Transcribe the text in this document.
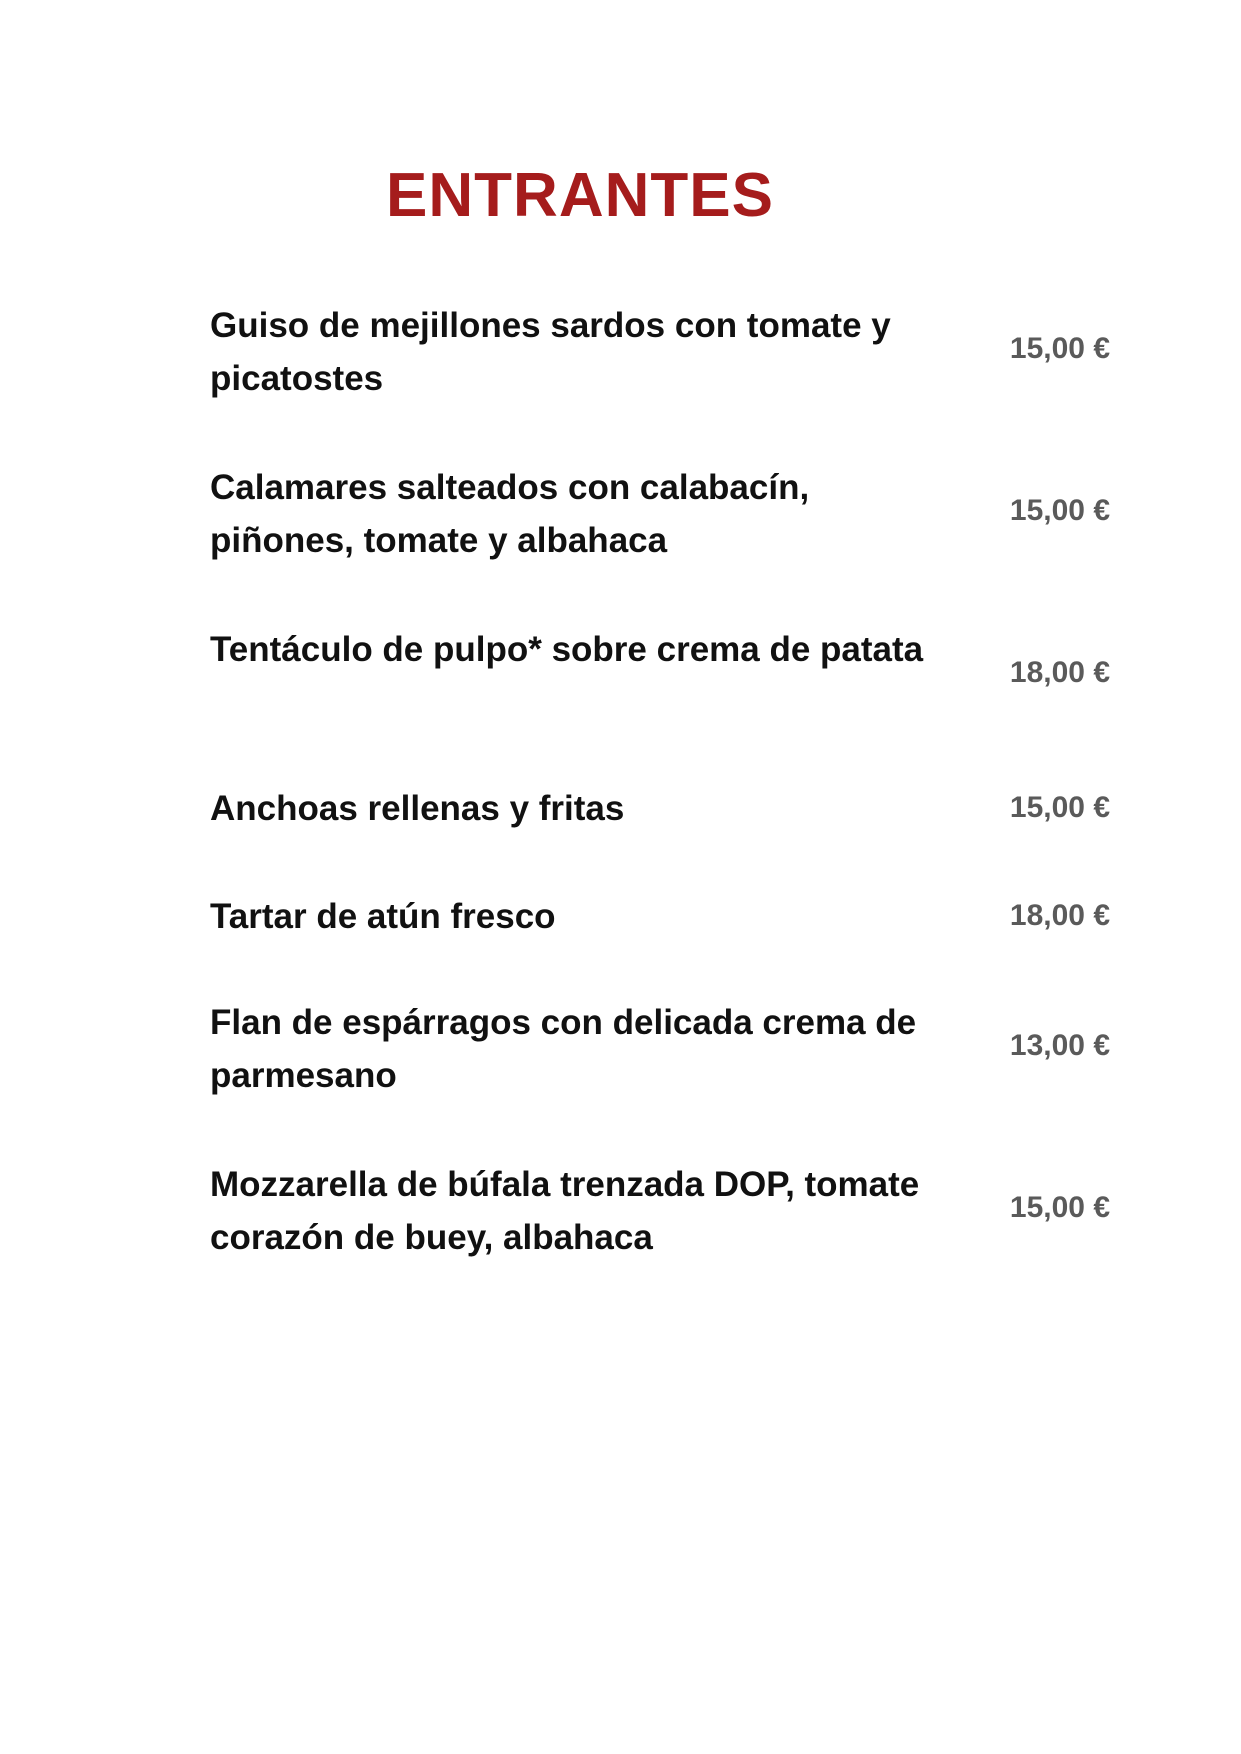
ENTRANTES
Guiso de mejillones sardos con tomate y picatostes
15,00 €
Calamares salteados con calabacín, piñones, tomate y albahaca
15,00 €
Tentáculo de pulpo* sobre crema de patata
18,00 €
Anchoas rellenas y fritas	15,00 €
Tartar de atún fresco	18,00 €
Flan de espárragos con delicada crema de parmesano
13,00 €
Mozzarella de búfala trenzada DOP, tomate corazón de buey, albahaca
15,00 €
